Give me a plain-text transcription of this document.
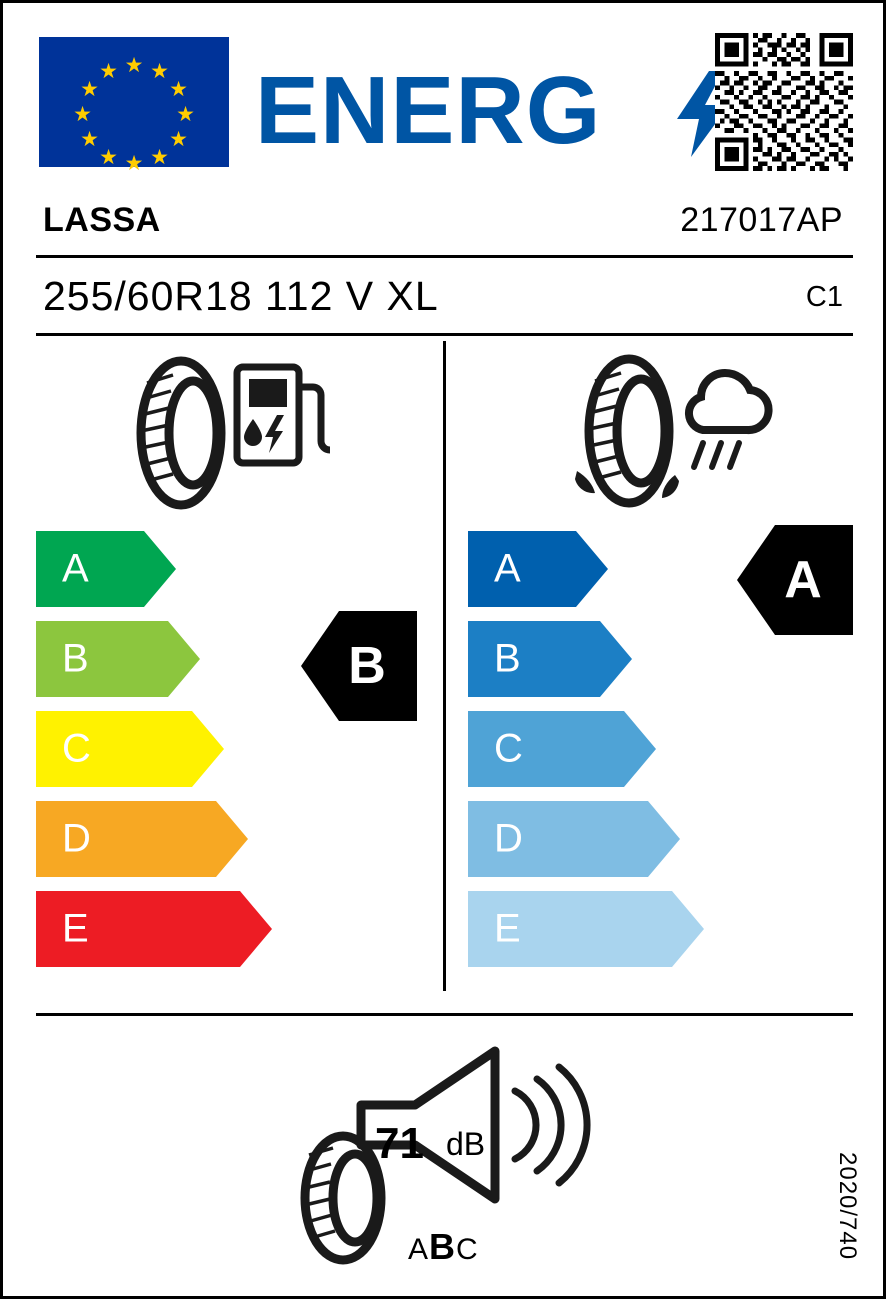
★ ★
★
★
★
★
★
★
★
★
★
★ ENERG
LASSA	217017AP
255/60R18 112 V XL	C1
A
B
C
D
E
A
B
C
D
E
B
A
71 dB
ABC	2020/740
